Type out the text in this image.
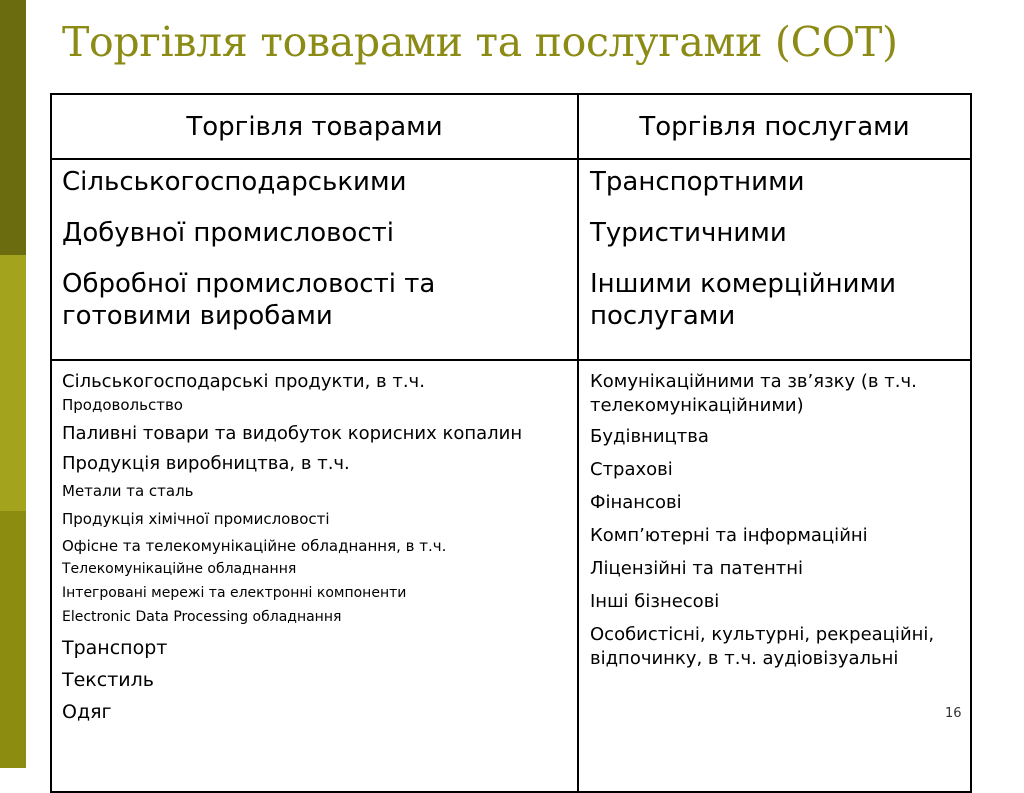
Торгівля товарами та послугами (СОТ)
Торгівля товарами	Торгівля послугами
Сільськогосподарськими
Добувної промисловості
Обробної промисловості та готовими виробами
Транспортними
Туристичними
Іншими комерційними послугами
Сільськогосподарські продукти, в т.ч.
Продовольство
Паливні товари та видобуток корисних копалин
Продукція виробництва, в т.ч.
Метали та сталь
Продукція хімічної промисловості
Офісне та телекомунікаційне обладнання, в т.ч.
Телекомунікаційне обладнання
Інтегровані мережі та електронні компоненти
Electronic Data Processing обладнання
Транспорт
Текстиль
Одяг
Комунікаційними та зв’язку (в т.ч. телекомунікаційними)
Будівництва
Страхові
Фінансові
Комп’ютерні та інформаційні
Ліцензійні та патентні
Інші бізнесові
Особистісні, культурні, рекреаційні, відпочинку, в т.ч. аудіовізуальні
16
